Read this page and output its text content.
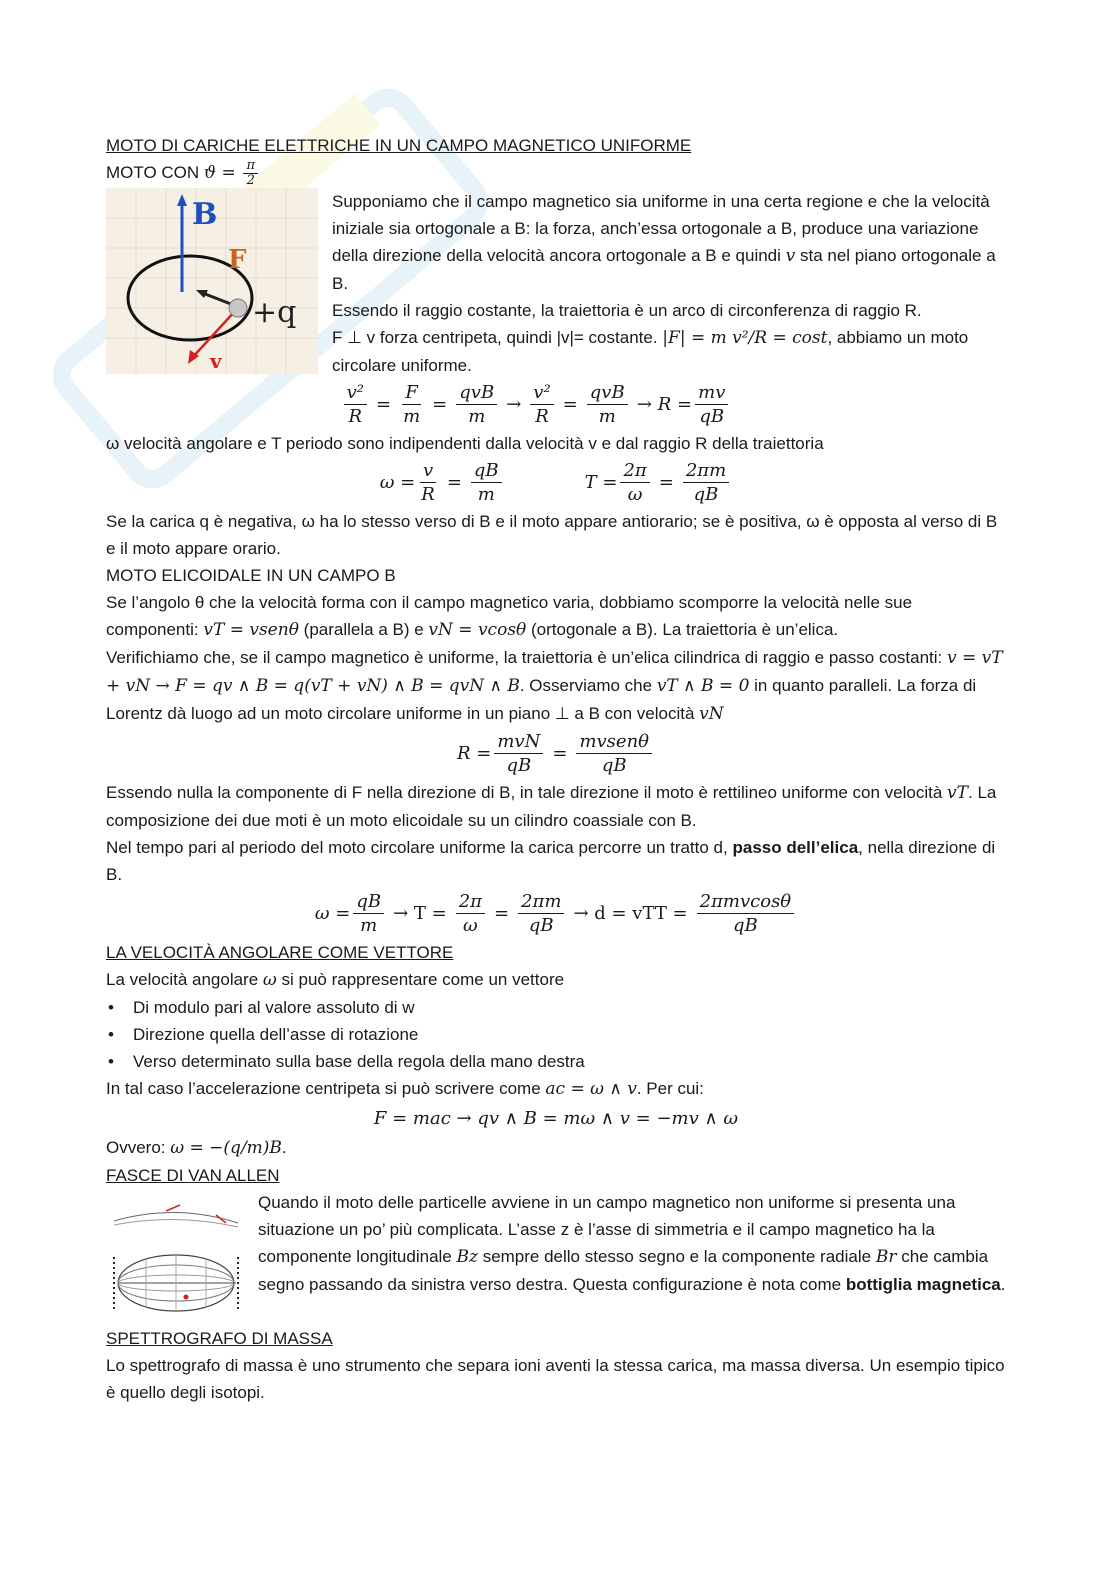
MOTO DI CARICHE ELETTRICHE IN UN CAMPO MAGNETICO UNIFORME

MOTO CON $ϑ = \frac{\pi}{2}$

B
F
v
+q

Supponiamo che il campo magnetico sia uniforme in una certa regione e che la velocità iniziale sia ortogonale a B: la forza, anch’essa ortogonale a B, produce una variazione della direzione della velocità ancora ortogonale a B e quindi v sta nel piano ortogonale a B.

Essendo il raggio costante, la traiettoria è un arco di circonferenza di raggio R.

F ⊥ v forza centripeta, quindi |v|= costante. |F| = m v²/R = cost, abbiamo un moto circolare uniforme.

$\frac{\text{v²}}{R} = \frac{F}{m} = \frac{\text{qvB}}{m} \to \frac{\text{v²}}{R} = \frac{\text{qvB}}{m} \to R = \frac{mv}{qB}$

ω velocità angolare e T periodo sono indipendenti dalla velocità v e dal raggio R della traiettoria

$\omega = \frac{v}{R} = \frac{qB}{m}$	$T = \frac{2\pi}{\omega} = \frac{2\pi m}{qB}$

Se la carica q è negativa, ω ha lo stesso verso di B e il moto appare antiorario; se è positiva, ω è opposta al verso di B e il moto appare orario.

MOTO ELICOIDALE IN UN CAMPO B

Se l’angolo θ che la velocità forma con il campo magnetico varia, dobbiamo scomporre la velocità nelle sue componenti: vT = vsenθ (parallela a B) e vN = vcosθ (ortogonale a B). La traiettoria è un’elica.

Verifichiamo che, se il campo magnetico è uniforme, la traiettoria è un’elica cilindrica di raggio e passo costanti: v = vT + vN → F = qv ∧ B = q(vT + vN) ∧ B = qvN ∧ B. Osserviamo che vT ∧ B = 0 in quanto paralleli. La forza di Lorentz dà luogo ad un moto circolare uniforme in un piano ⊥ a B con velocità vN

$R = \frac{\text{mvN}}{qB} = \frac{\text{mvsenθ}}{qB}$

Essendo nulla la componente di F nella direzione di B, in tale direzione il moto è rettilineo uniforme con velocità vT. La composizione dei due moti è un moto elicoidale su un cilindro coassiale con B.

Nel tempo pari al periodo del moto circolare uniforme la carica percorre un tratto d, passo dell’elica, nella direzione di B.

$\omega = \frac{qB}{m} \to T = \frac{2\pi}{\omega} = \frac{2\pi m}{qB} \to d$ = vTT = $\frac{\text{2πmvcosθ}}{qB}$

LA VELOCITÀ ANGOLARE COME VETTORE

La velocità angolare ω si può rappresentare come un vettore

• Di modulo pari al valore assoluto di w
• Direzione quella dell’asse di rotazione
• Verso determinato sulla base della regola della mano destra

In tal caso l’accelerazione centripeta si può scrivere come ac = ω ∧ v. Per cui:

F = mac → qv ∧ B = mω ∧ v = −mv ∧ ω

Ovvero: ω = −(q/m)B.

FASCE DI VAN ALLEN

Quando il moto delle particelle avviene in un campo magnetico non uniforme si presenta una situazione un po’ più complicata. L’asse z è l’asse di simmetria e il campo magnetico ha la componente longitudinale Bz sempre dello stesso segno e la componente radiale Br che cambia segno passando da sinistra verso destra. Questa configurazione è nota come bottiglia magnetica.

SPETTROGRAFO DI MASSA

Lo spettrografo di massa è uno strumento che separa ioni aventi la stessa carica, ma massa diversa. Un esempio tipico è quello degli isotopi.
